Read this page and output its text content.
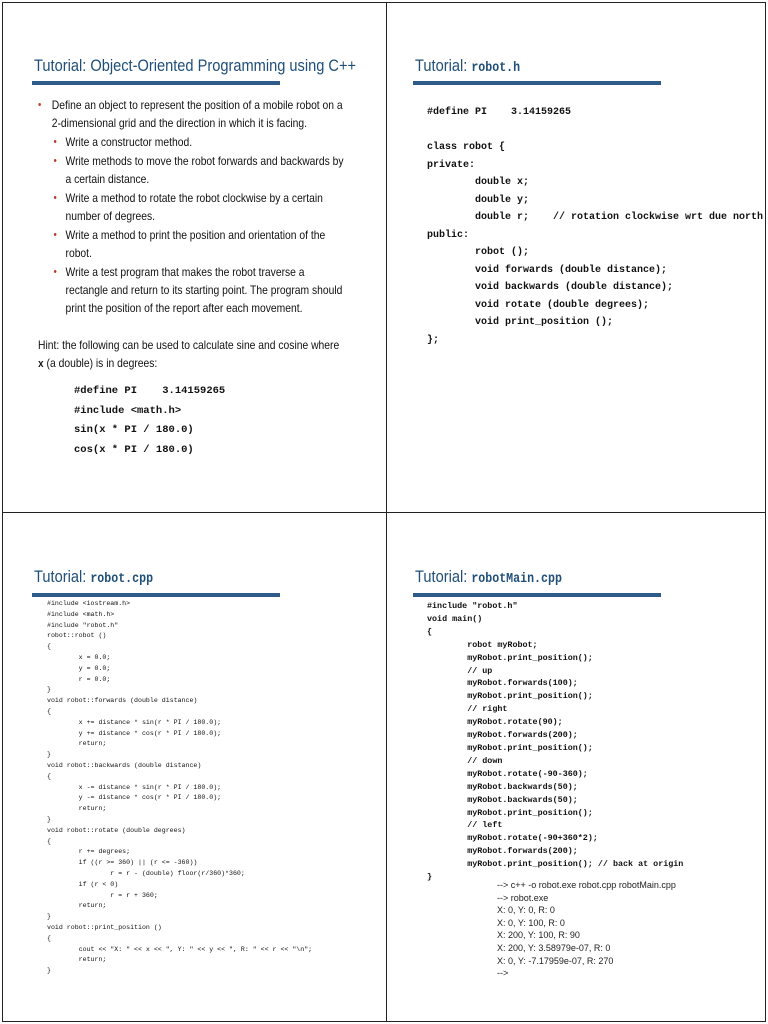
Tutorial: Object-Oriented Programming using C++
• Define an object to represent the position of a mobile robot on a 2-dimensional grid and the direction in which it is facing.
• Write a constructor method.
• Write methods to move the robot forwards and backwards by a certain distance.
• Write a method to rotate the robot clockwise by a certain number of degrees.
• Write a method to print the position and orientation of the robot.
• Write a test program that makes the robot traverse a rectangle and return to its starting point. The program should print the position of the report after each movement.
Hint: the following can be used to calculate sine and cosine where x (a double) is in degrees:
#define PI    3.14159265
#include <math.h>
sin(x * PI / 180.0)
cos(x * PI / 180.0)
Tutorial: robot.h
#define PI    3.14159265

class robot {
private:
double x;
double y;
double r;    // rotation clockwise wrt due north
public:
robot ();
void forwards (double distance);
void backwards (double distance);
void rotate (double degrees);
void print_position ();
};
Tutorial: robot.cpp
#include <iostream.h>
#include <math.h>
#include "robot.h"
robot::robot ()
{
x = 0.0;
y = 0.0;
r = 0.0;
}
void robot::forwards (double distance)
{
x += distance * sin(r * PI / 180.0);
y += distance * cos(r * PI / 180.0);
return;
}
void robot::backwards (double distance)
{
x -= distance * sin(r * PI / 180.0);
y -= distance * cos(r * PI / 180.0);
return;
}
void robot::rotate (double degrees)
{
r += degrees;
if ((r >= 360) || (r <= -360))
r = r - (double) floor(r/360)*360;
if (r < 0)
r = r + 360;
return;
}
void robot::print_position ()
{
cout << "X: " << x << ", Y: " << y << ", R: " << r << "\n";
return;
}
Tutorial: robotMain.cpp
#include "robot.h"
void main()
{
robot myRobot;
myRobot.print_position();
// up
myRobot.forwards(100);
myRobot.print_position();
// right
myRobot.rotate(90);
myRobot.forwards(200);
myRobot.print_position();
// down
myRobot.rotate(-90-360);
myRobot.backwards(50);
myRobot.backwards(50);
myRobot.print_position();
// left
myRobot.rotate(-90+360*2);
myRobot.forwards(200);
myRobot.print_position(); // back at origin
}
--> c++ -o robot.exe robot.cpp robotMain.cpp
--> robot.exe
X: 0, Y: 0, R: 0
X: 0, Y: 100, R: 0
X: 200, Y: 100, R: 90
X: 200, Y: 3.58979e-07, R: 0
X: 0, Y: -7.17959e-07, R: 270
-->
